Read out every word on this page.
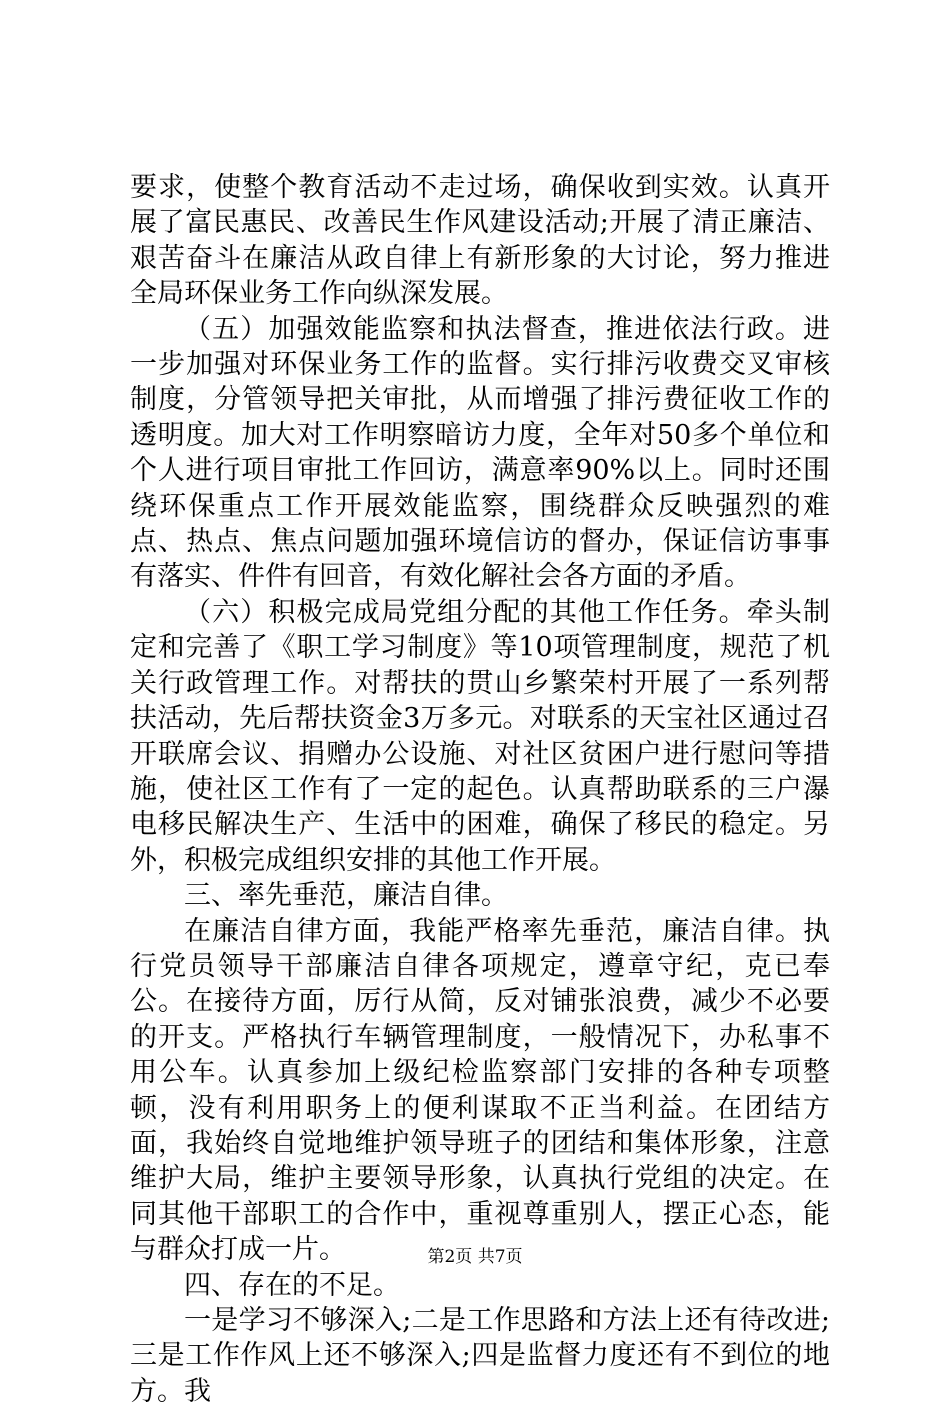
要求，使整个教育活动不走过场，确保收到实效。认真开展了富民惠民、改善民生作风建设活动;开展了清正廉洁、艰苦奋斗在廉洁从政自律上有新形象的大讨论，努力推进全局环保业务工作向纵深发展。

（五）加强效能监察和执法督查，推进依法行政。进一步加强对环保业务工作的监督。实行排污收费交叉审核制度，分管领导把关审批，从而增强了排污费征收工作的透明度。加大对工作明察暗访力度，全年对50多个单位和个人进行项目审批工作回访，满意率90%以上。同时还围绕环保重点工作开展效能监察，围绕群众反映强烈的难点、热点、焦点问题加强环境信访的督办，保证信访事事有落实、件件有回音，有效化解社会各方面的矛盾。

（六）积极完成局党组分配的其他工作任务。牵头制定和完善了《职工学习制度》等10项管理制度，规范了机关行政管理工作。对帮扶的贯山乡繁荣村开展了一系列帮扶活动，先后帮扶资金3万多元。对联系的天宝社区通过召开联席会议、捐赠办公设施、对社区贫困户进行慰问等措施，使社区工作有了一定的起色。认真帮助联系的三户瀑电移民解决生产、生活中的困难，确保了移民的稳定。另外，积极完成组织安排的其他工作开展。

三、率先垂范，廉洁自律。

在廉洁自律方面，我能严格率先垂范，廉洁自律。执行党员领导干部廉洁自律各项规定，遵章守纪，克已奉公。在接待方面，厉行从简，反对铺张浪费，减少不必要的开支。严格执行车辆管理制度，一般情况下，办私事不用公车。认真参加上级纪检监察部门安排的各种专项整顿，没有利用职务上的便利谋取不正当利益。在团结方面，我始终自觉地维护领导班子的团结和集体形象，注意维护大局，维护主要领导形象，认真执行党组的决定。在同其他干部职工的合作中，重视尊重别人，摆正心态，能与群众打成一片。

四、存在的不足。

一是学习不够深入;二是工作思路和方法上还有待改进;三是工作作风上还不够深入;四是监督力度还有不到位的地方。我

第2页 共7页
